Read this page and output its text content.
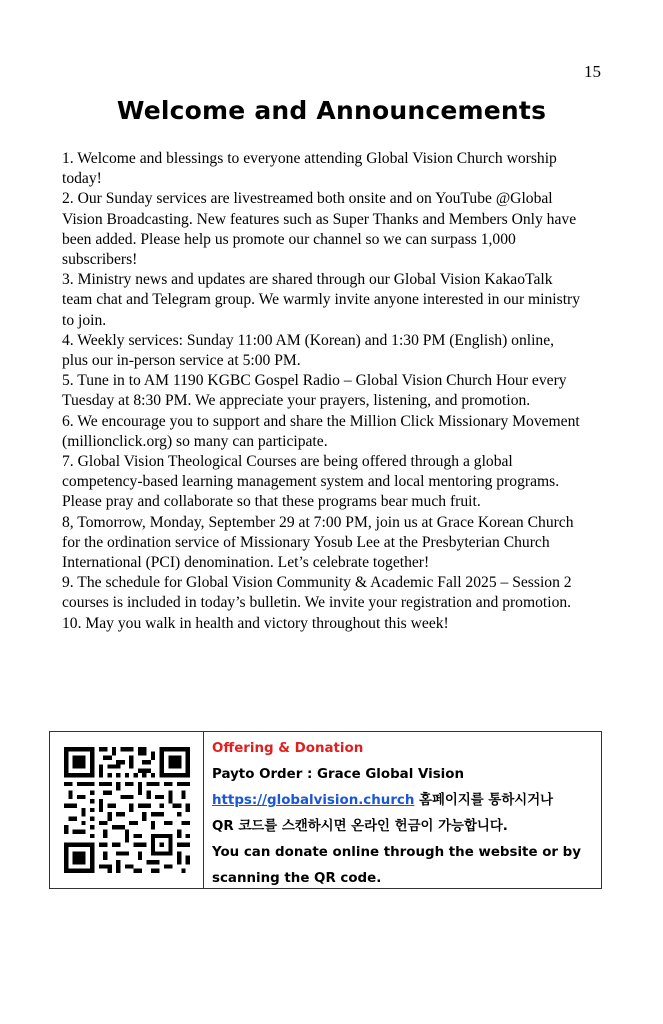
15
Welcome and Announcements

1. Welcome and blessings to everyone attending Global Vision Church worship today!

2. Our Sunday services are livestreamed both onsite and on YouTube @Global Vision Broadcasting. New features such as Super Thanks and Members Only have been added. Please help us promote our channel so we can surpass 1,000 subscribers!

3. Ministry news and updates are shared through our Global Vision KakaoTalk team chat and Telegram group. We warmly invite anyone interested in our ministry to join.

4. Weekly services: Sunday 11:00 AM (Korean) and 1:30 PM (English) online, plus our in-person service at 5:00 PM.

5. Tune in to AM 1190 KGBC Gospel Radio – Global Vision Church Hour every Tuesday at 8:30 PM. We appreciate your prayers, listening, and promotion.

6. We encourage you to support and share the Million Click Missionary Movement (millionclick.org) so many can participate.

7. Global Vision Theological Courses are being offered through a global competency-based learning management system and local mentoring programs. Please pray and collaborate so that these programs bear much fruit.

8, Tomorrow, Monday, September 29 at 7:00 PM, join us at Grace Korean Church for the ordination service of Missionary Yosub Lee at the Presbyterian Church International (PCI) denomination. Let’s celebrate together!

9. The schedule for Global Vision Community & Academic Fall 2025 – Session 2 courses is included in today’s bulletin. We invite your registration and promotion.

10. May you walk in health and victory throughout this week!

Offering & Donation
Payto Order : Grace Global Vision
https://globalvision.church 홈페이지를 통하시거나
QR 코드를 스캔하시면 온라인 헌금이 가능합니다.
You can donate online through the website or by
scanning the QR code.
